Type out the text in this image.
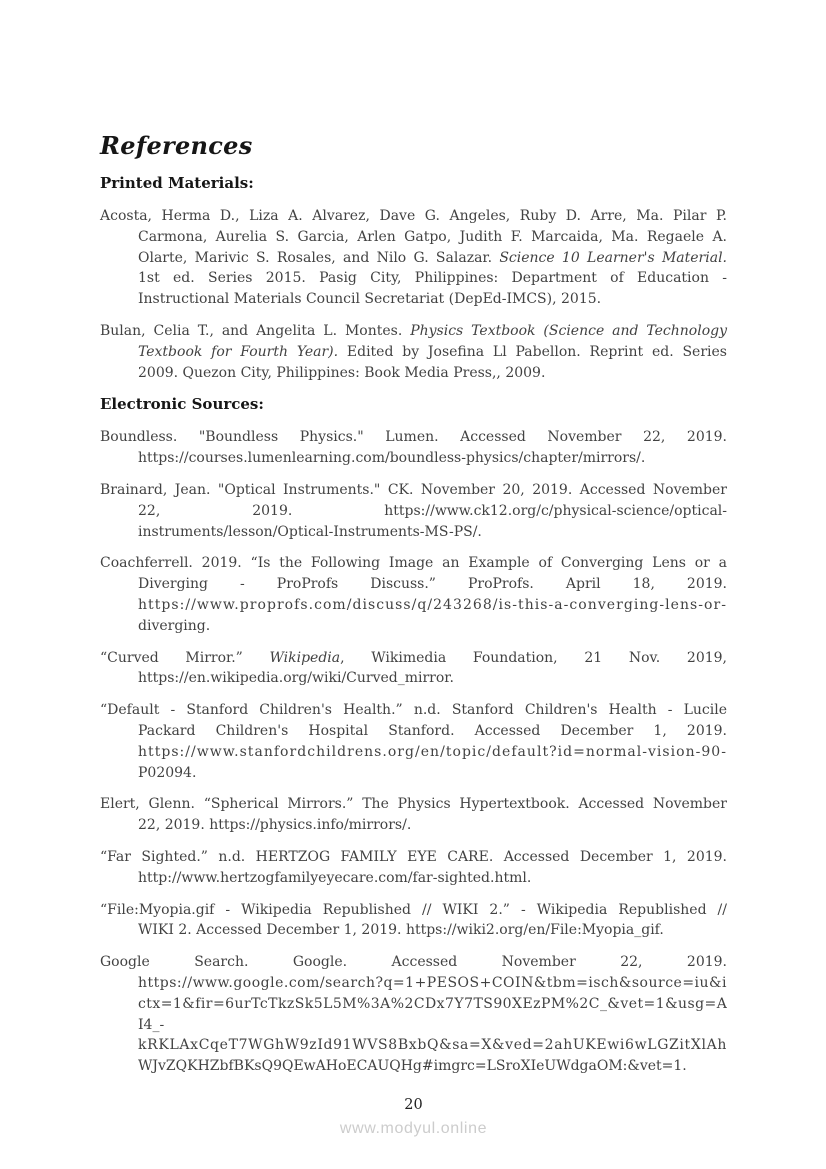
References
Printed Materials:
Acosta, Herma D., Liza A. Alvarez, Dave G. Angeles, Ruby D. Arre, Ma. Pilar P.
Carmona, Aurelia S. Garcia, Arlen Gatpo, Judith F. Marcaida, Ma. Regaele A.
Olarte, Marivic S. Rosales, and Nilo G. Salazar. Science 10 Learner's Material.
1st ed. Series 2015. Pasig City, Philippines: Department of Education -
Instructional Materials Council Secretariat (DepEd-IMCS), 2015.
Bulan, Celia T., and Angelita L. Montes. Physics Textbook (Science and Technology
Textbook for Fourth Year). Edited by Josefina Ll Pabellon. Reprint ed. Series
2009. Quezon City, Philippines: Book Media Press,, 2009.
Electronic Sources:
Boundless. "Boundless Physics." Lumen. Accessed November 22, 2019.
https://courses.lumenlearning.com/boundless-physics/chapter/mirrors/.
Brainard, Jean. "Optical Instruments." CK. November 20, 2019. Accessed November
22, 2019. https://www.ck12.org/c/physical-science/optical-
instruments/lesson/Optical-Instruments-MS-PS/.
Coachferrell. 2019. “Is the Following Image an Example of Converging Lens or a
Diverging - ProProfs Discuss.” ProProfs. April 18, 2019.
https://www.proprofs.com/discuss/q/243268/is-this-a-converging-lens-or-
diverging.
“Curved Mirror.” Wikipedia, Wikimedia Foundation, 21 Nov. 2019,
https://en.wikipedia.org/wiki/Curved_mirror.
“Default - Stanford Children's Health.” n.d. Stanford Children's Health - Lucile
Packard Children's Hospital Stanford. Accessed December 1, 2019.
https://www.stanfordchildrens.org/en/topic/default?id=normal-vision-90-
P02094.
Elert, Glenn. “Spherical Mirrors.” The Physics Hypertextbook. Accessed November
22, 2019. https://physics.info/mirrors/.
“Far Sighted.” n.d. HERTZOG FAMILY EYE CARE. Accessed December 1, 2019.
http://www.hertzogfamilyeyecare.com/far-sighted.html.
“File:Myopia.gif - Wikipedia Republished // WIKI 2.” - Wikipedia Republished //
WIKI 2. Accessed December 1, 2019. https://wiki2.org/en/File:Myopia_gif.
Google Search. Google. Accessed November 22, 2019.
https://www.google.com/search?q=1+PESOS+COIN&tbm=isch&source=iu&i
ctx=1&fir=6urTcTkzSk5L5M%3A%2CDx7Y7TS90XEzPM%2C_&vet=1&usg=A
I4_-
kRKLAxCqeT7WGhW9zId91WVS8BxbQ&sa=X&ved=2ahUKEwi6wLGZitXlAh
WJvZQKHZbfBKsQ9QEwAHoECAUQHg#imgrc=LSroXIeUWdgaOM:&vet=1.
20
www.modyul.online
